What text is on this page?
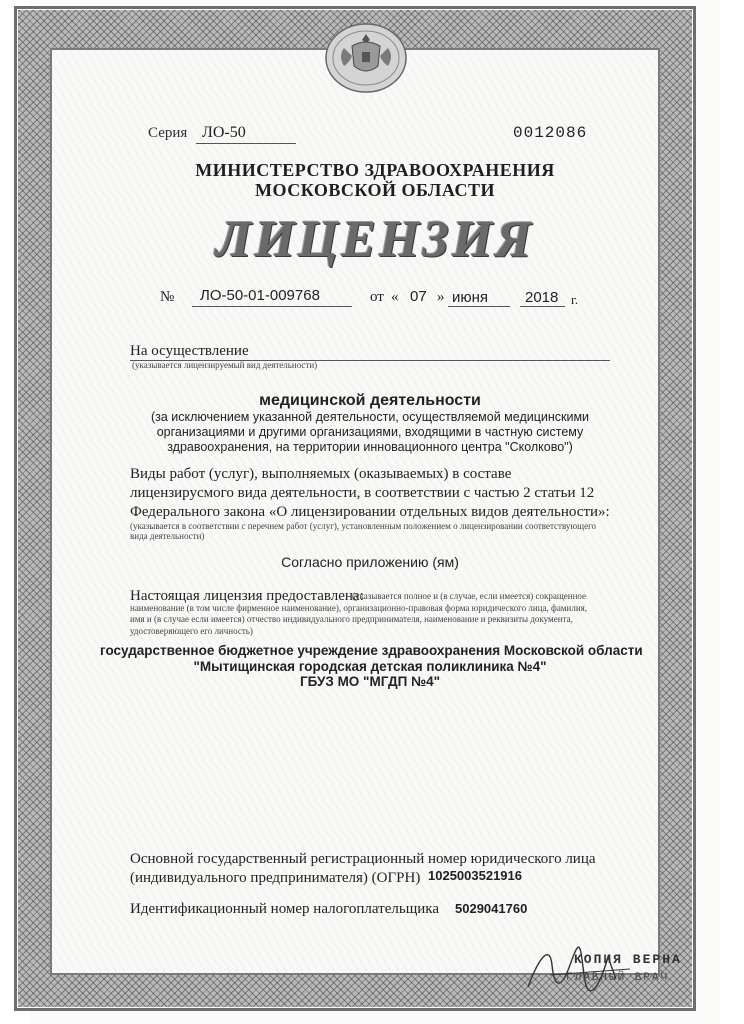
Серия ЛО-50	0012086
МИНИСТЕРСТВО ЗДРАВООХРАНЕНИЯ
МОСКОВСКОЙ ОБЛАСТИ
ЛИЦЕНЗИЯ
№ ЛО-50-01-009768	от « 07 » июня 2018 г.
На осуществление
(указывается лицензируемый вид деятельности)
медицинской деятельности
(за исключением указанной деятельности, осуществляемой медицинскими организациями и другими организациями, входящими в частную систему здравоохранения, на территории инновационного центра "Сколково")
Виды работ (услуг), выполняемых (оказываемых) в составе лицензирусмого вида деятельности, в соответствии с частью 2 статьи 12 Федерального закона «О лицензировании отдельных видов деятельности»:
(указывается в соответствии с перечнем работ (услуг), установленным положением о лицензировании соответствующего вида деятельности)
Согласно приложению (ям)
Настоящая лицензия предоставлена:
(указывается полное и (в случае, если имеется) сокращенное наименование (в том числе фирменное наименование), организационно-правовая форма юридического лица, фамилия, имя и (в случае если имеется) отчество индивидуального предпринимателя, наименование и реквизиты документа, удостоверяющего его личность)
государственное бюджетное учреждение здравоохранения Московской области
"Мытищинская городская детская поликлиника №4"
ГБУЗ МО "МГДП №4"
Основной государственный регистрационный номер юридического лица (индивидуального предпринимателя) (ОГРН) 1025003521916
Идентификационный номер налогоплательщика 5029041760
КОПИЯ ВЕРНА
ГЛАВНЫЙ ВРАЧ
